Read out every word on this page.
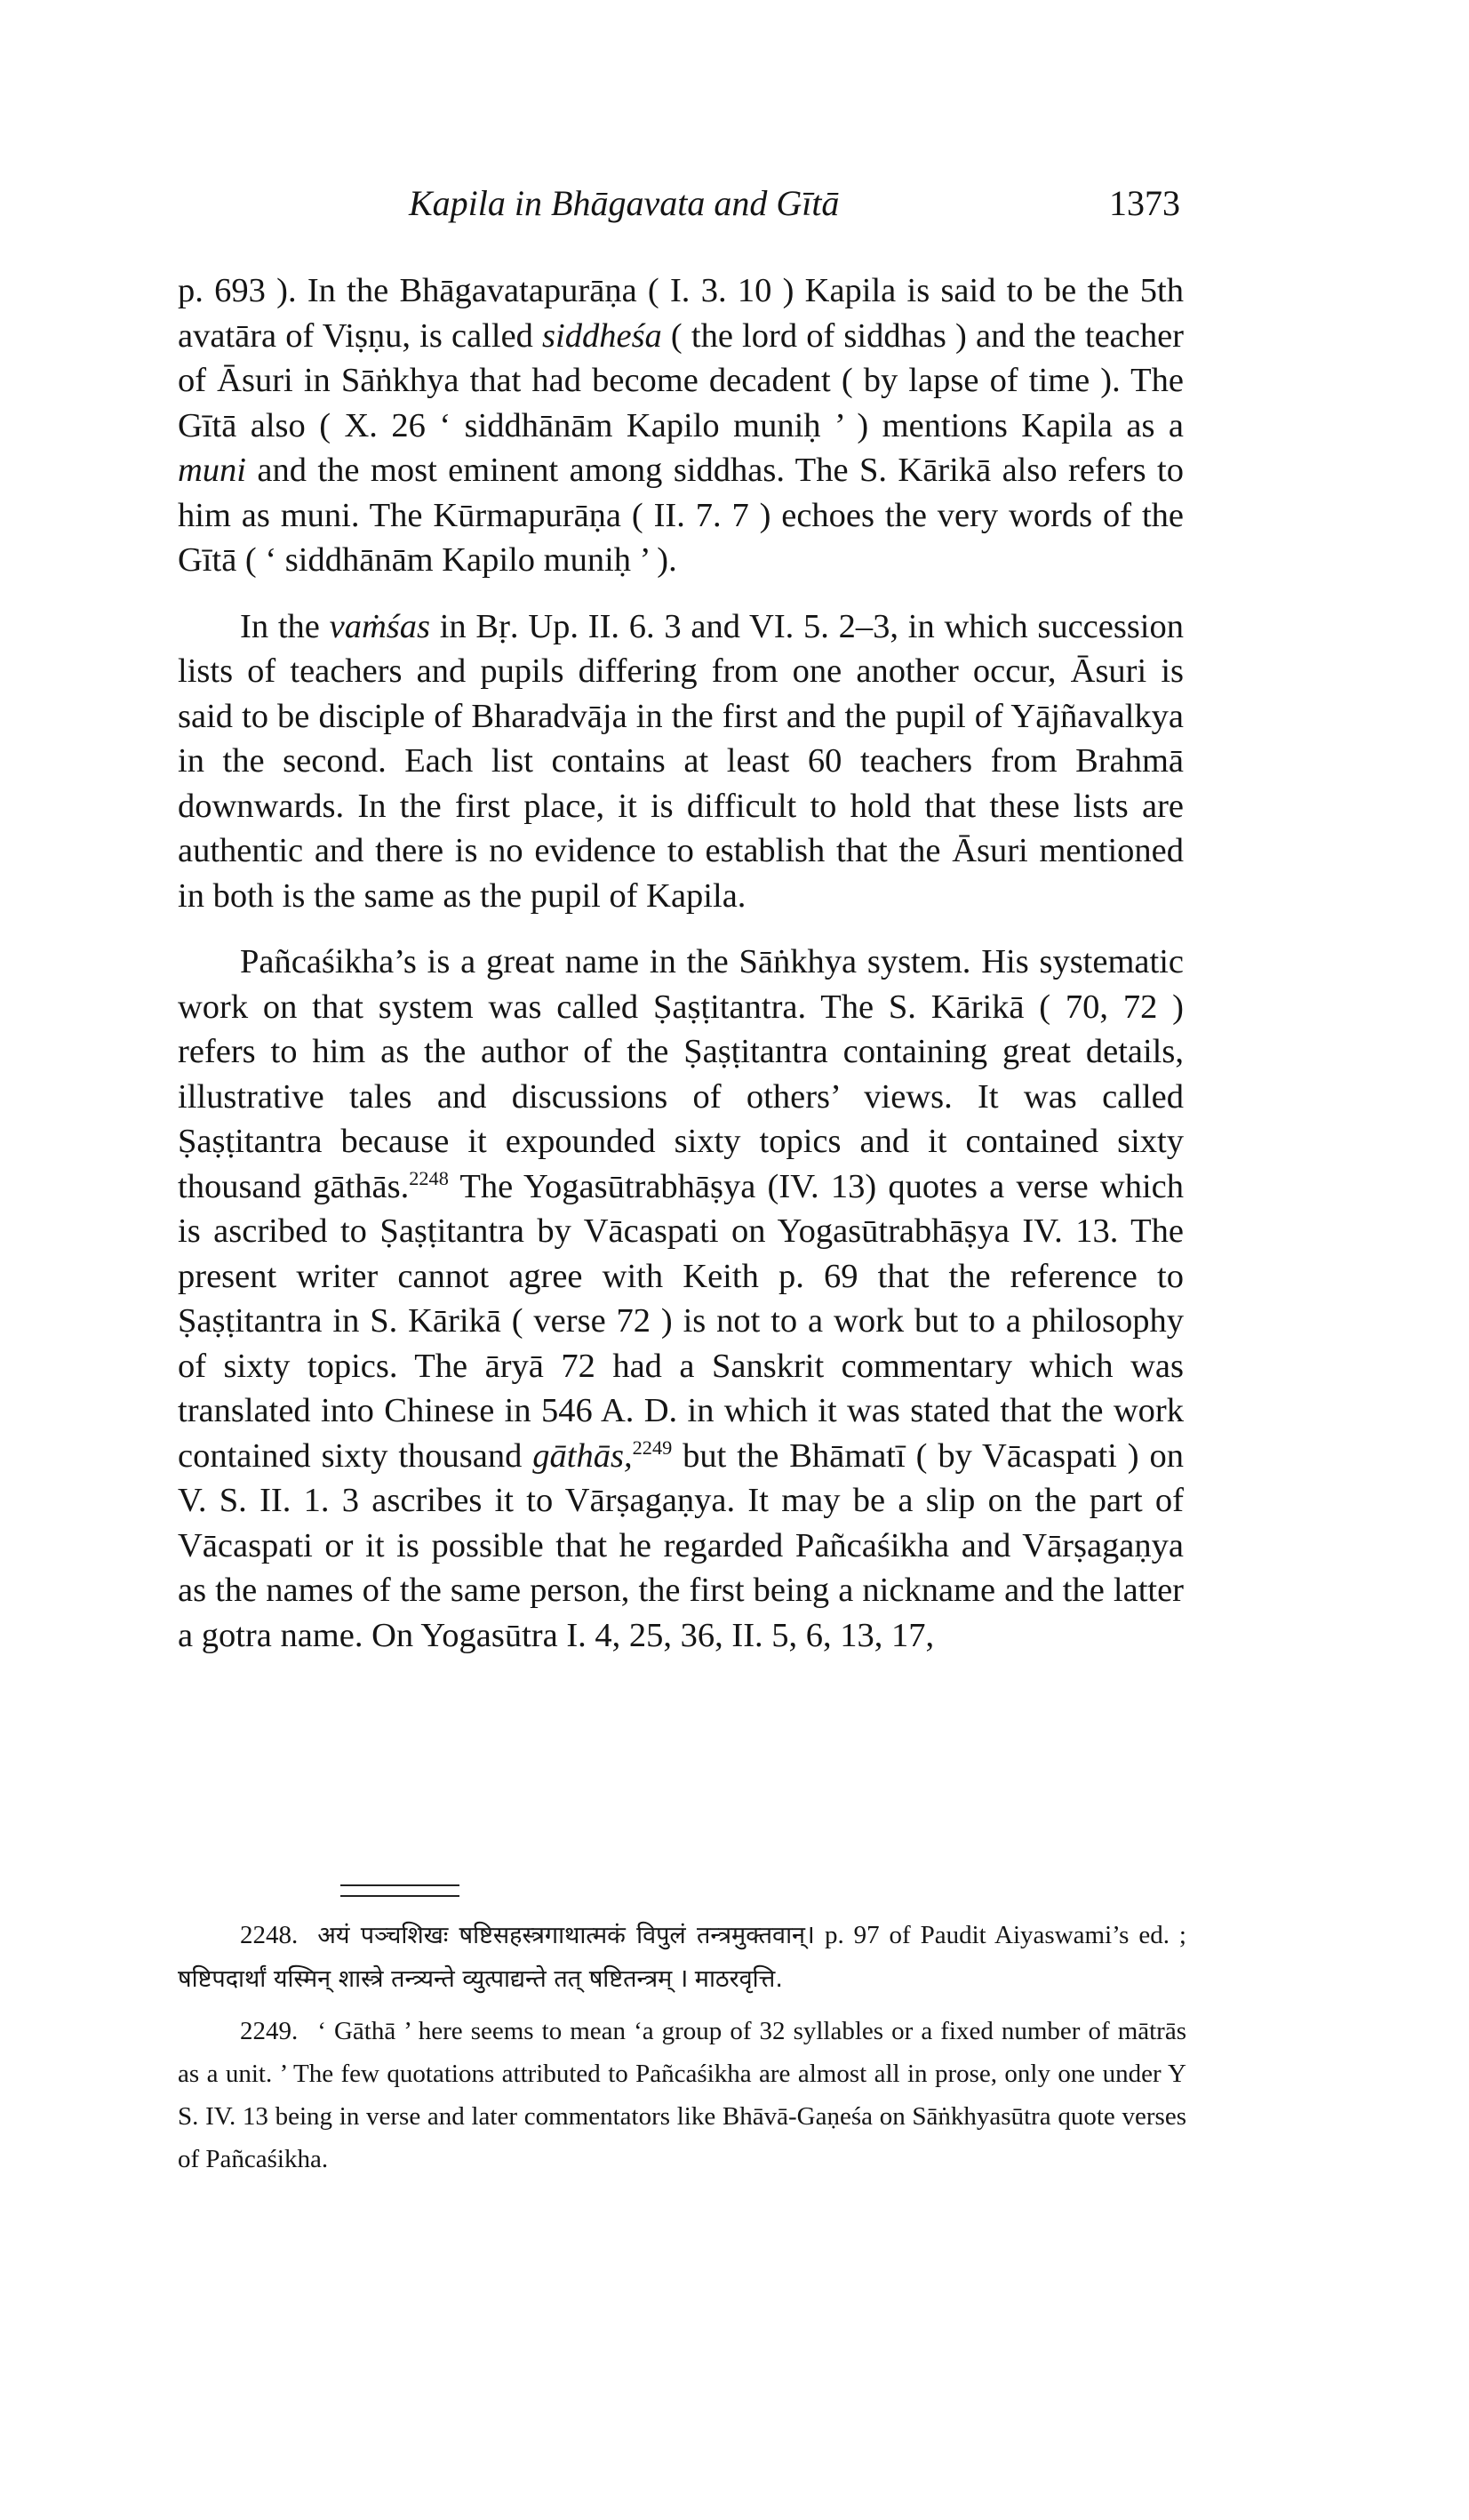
Kapila in Bhāgavata and Gītā	1373

p. 693 ). In the Bhāgavatapurāṇa ( I. 3. 10 ) Kapila is said to be the 5th avatāra of Viṣṇu, is called siddheśa ( the lord of siddhas ) and the teacher of Āsuri in Sāṅkhya that had become decadent ( by lapse of time ). The Gītā also ( X. 26 ‘ siddhānām Kapilo muniḥ ’ ) mentions Kapila as a muni and the most eminent among siddhas. The S. Kārikā also refers to him as muni. The Kūrmapurāṇa ( II. 7. 7 ) echoes the very words of the Gītā ( ‘ siddhānām Kapilo muniḥ ’ ).

In the vaṁśas in Bṛ. Up. II. 6. 3 and VI. 5. 2–3, in which succession lists of teachers and pupils differing from one another occur, Āsuri is said to be disciple of Bharadvāja in the first and the pupil of Yājñavalkya in the second. Each list contains at least 60 teachers from Brahmā downwards. In the first place, it is difficult to hold that these lists are authentic and there is no evidence to establish that the Āsuri mentioned in both is the same as the pupil of Kapila.

Pañcaśikha’s is a great name in the Sāṅkhya system. His systematic work on that system was called Ṣaṣṭitantra. The S. Kārikā ( 70, 72 ) refers to him as the author of the Ṣaṣṭitantra containing great details, illustrative tales and discussions of others’ views. It was called Ṣaṣṭitantra because it expounded sixty topics and it contained sixty thousand gāthās.$^{2248}$ The Yogasūtrabhāṣya (IV. 13) quotes a verse which is ascribed to Ṣaṣṭitantra by Vācaspati on Yogasūtrabhāṣya IV. 13. The present writer cannot agree with Keith p. 69 that the reference to Ṣaṣṭitantra in S. Kārikā ( verse 72 ) is not to a work but to a philosophy of sixty topics. The āryā 72 had a Sanskrit commentary which was translated into Chinese in 546 A. D. in which it was stated that the work contained sixty thousand gāthās,$^{2249}$ but the Bhāmatī ( by Vācaspati ) on V. S. II. 1. 3 ascribes it to Vārṣagaṇya. It may be a slip on the part of Vācaspati or it is possible that he regarded Pañcaśikha and Vārṣagaṇya as the names of the same person, the first being a nickname and the latter a gotra name. On Yogasūtra I. 4, 25, 36, II. 5, 6, 13, 17,

2248. अयं पञ्चशिखः षष्टिसहस्त्रगाथात्मकं विपुलं तन्त्रमुक्तवान्। p. 97 of Paudit Aiyaswami’s ed. ; षष्टिपदार्थां यस्मिन् शास्त्रे तन्त्र्यन्ते व्युत्पाद्यन्ते तत् षष्टितन्त्रम् । माठरवृत्ति.

2249. ‘ Gāthā ’ here seems to mean ‘a group of 32 syllables or a fixed number of mātrās as a unit. ’ The few quotations attributed to Pañcaśikha are almost all in prose, only one under Y S. IV. 13 being in verse and later commentators like Bhāvā-Gaṇeśa on Sāṅkhyasūtra quote verses of Pañcaśikha.
